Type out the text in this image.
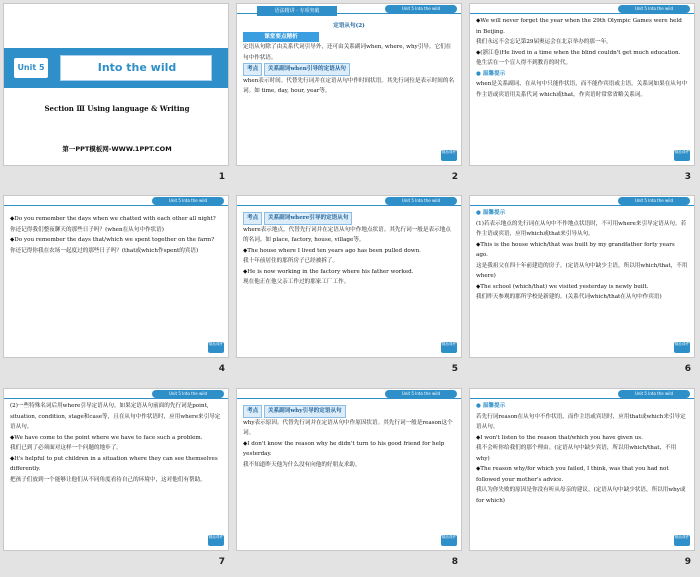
Unit 5	Into the wild
Section Ⅲ Using language & Writing
第一PPT模板网-WWW.1PPT.COM
1
语法精讲 · 专项突破	Unit 5 Into the wild

定语从句(2)

课堂要点精析

定语从句除了由关系代词引导外，还可由关系副词when, where, why引导。它们在句中作状语。

考点 关系副词when引导的定语从句

when表示时间。代替先行词并在定语从句中作时间状语。其先行词位是表示时间的名词。如 time, day, hour, year等。

精品课件
2
Unit 5 Into the wild

◆We will never forget the year when the 29th Olympic Games were held in Beijing.

我们永远不会忘记第29届奥运会在北京举办的那一年。

◆(浙江卷)He lived in a time when the blind couldn't get much education.

他生活在一个盲人得不到教育的时代。

● 温馨提示

when是关系副词，在从句中只能作状语，而不能作宾语或主语。关系词如果在从句中作主语或宾语用关系代词 which或that。作宾语时常常省略关系词。

精品课件
3
Unit 5 Into the wild

◆Do you remember the days when we chatted with each other all night?

你还记得我们整夜聊天的那些日子吗？(when在从句中作状语)

◆Do you remember the days that/which we spent together on the farm?

你还记得你我在农场一起度过的那些日子吗？(that或which作spent的宾语)

精品课件
4
Unit 5 Into the wild

考点 关系副词where引导的定语从句

where表示地点。代替先行词并在定语从句中作地点状语。其先行词一般是表示地点的名词。如 place, factory, house, village等。

◆The house where I lived ten years ago has been pulled down.

我十年前居住的那所房子已经被拆了。

◆He is now working in the factory where his father worked.

现在他正在他父亲工作过的那家工厂工作。

精品课件
5
Unit 5 Into the wild

● 温馨提示

(1)若表示地点的先行词在从句中不作地点状语时，不可用where来引导定语从句。若作主语或宾语，应用which或that来引导从句。

◆This is the house which/that was built by my grandfather forty years ago.

这是我祖父在四十年前建造的房子。(定语从句中缺少主语，所以用which/that，不用where)

◆The school (which/that) we visited yesterday is newly built.

我们昨天参观的那所学校是新建的。(关系代词which/that在从句中作宾语)

精品课件
6
Unit 5 Into the wild

(2)一些特殊名词后用where引导定语从句。如果定语从句前面的先行词是point, situation, condition, stage和case等，且在从句中作状语时，应用where来引导定语从句。

◆We have come to the point where we have to face such a problem.

我们已到了必须面对这样一个问题的地步了。

◆It's helpful to put children in a situation where they can see themselves differently.

把孩子们放到一个能够让他们从不同角度看待自己的环境中，这对他们有帮助。

精品课件
7
Unit 5 Into the wild

考点 关系副词why引导的定语从句

why表示原因。代替先行词并在定语从句中作原因状语。其先行词一般是reason这个词。

◆I don't know the reason why he didn't turn to his good friend for help yesterday.

我不知道昨天他为什么没有向他的好朋友求助。

精品课件
8
Unit 5 Into the wild

● 温馨提示

若先行词reason在从句中不作状语，而作主语或宾语时，应用that或which来引导定语从句。

◆I won't listen to the reason that/which you have given us.

我不会听你给我们的那个理由。(定语从句中缺少宾语，所以用which/that，不用why)

◆The reason why/for which you failed, I think, was that you had not followed your mother's advice.

我认为你失败的原因是你没有听从母亲的建议。(定语从句中缺少状语，所以用why或for which)

精品课件
9
